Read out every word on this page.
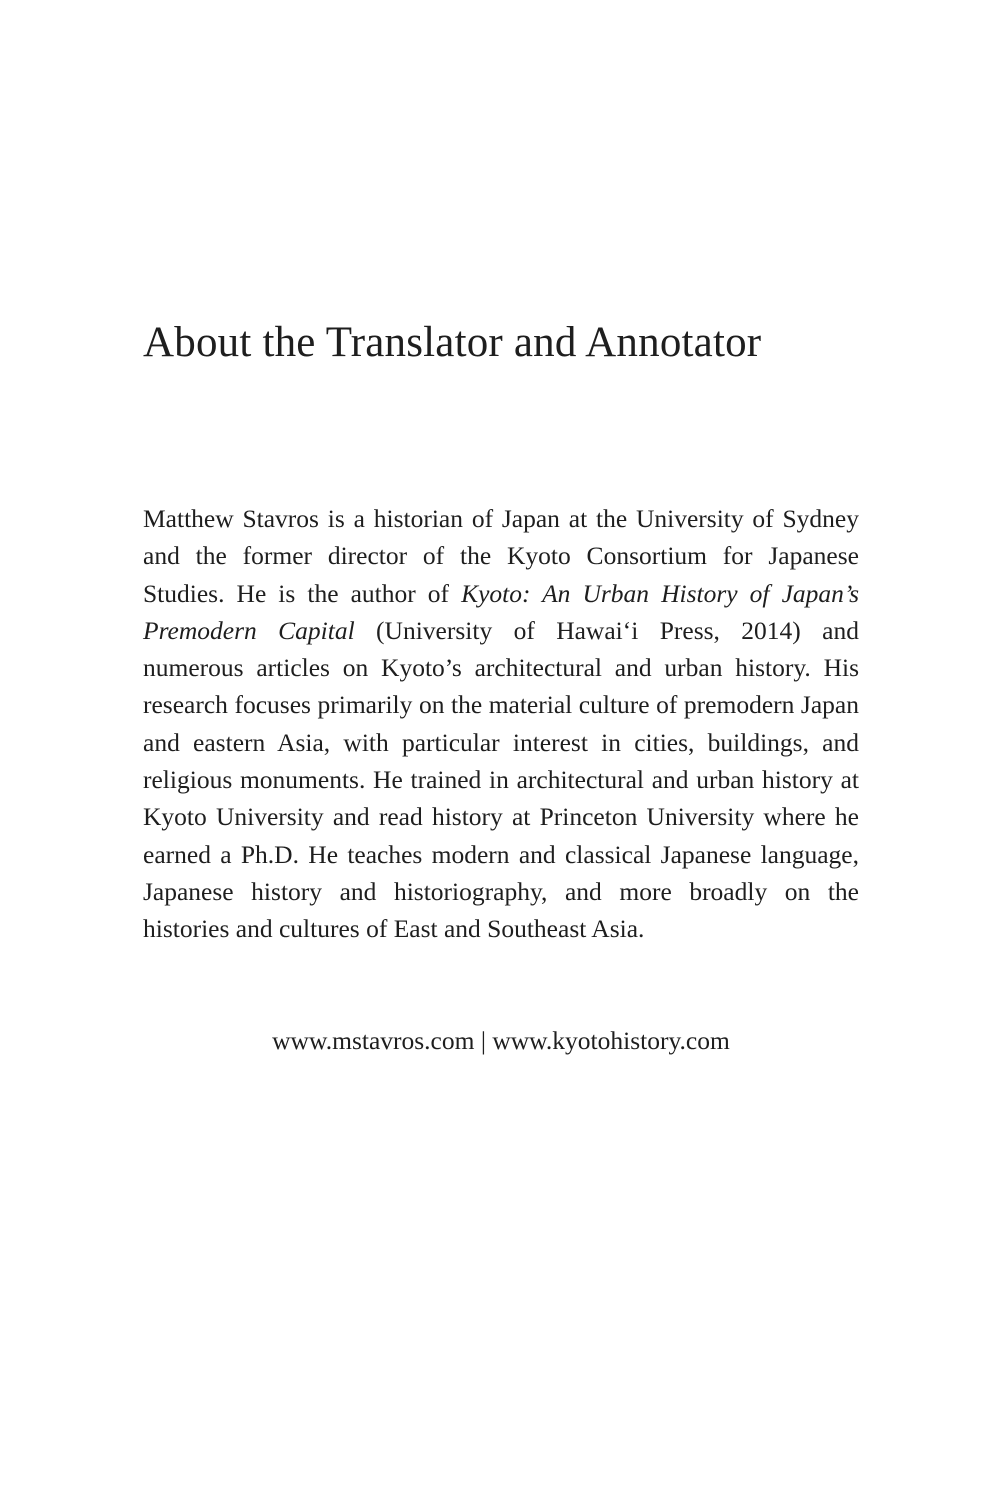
About the Translator and Annotator

Matthew Stavros is a historian of Japan at the University of Sydney and the former director of the Kyoto Consortium for Japanese Studies. He is the author of Kyoto: An Urban History of Japan’s Premodern Capital (University of Hawai‘i Press, 2014) and numerous articles on Kyoto’s architectural and urban history. His research focuses primarily on the material culture of premodern Japan and eastern Asia, with particular interest in cities, buildings, and religious monuments. He trained in architectural and urban history at Kyoto University and read history at Princeton University where he earned a Ph.D. He teaches modern and classical Japanese language, Japanese history and historiography, and more broadly on the histories and cultures of East and Southeast Asia.

www.mstavros.com | www.kyotohistory.com
